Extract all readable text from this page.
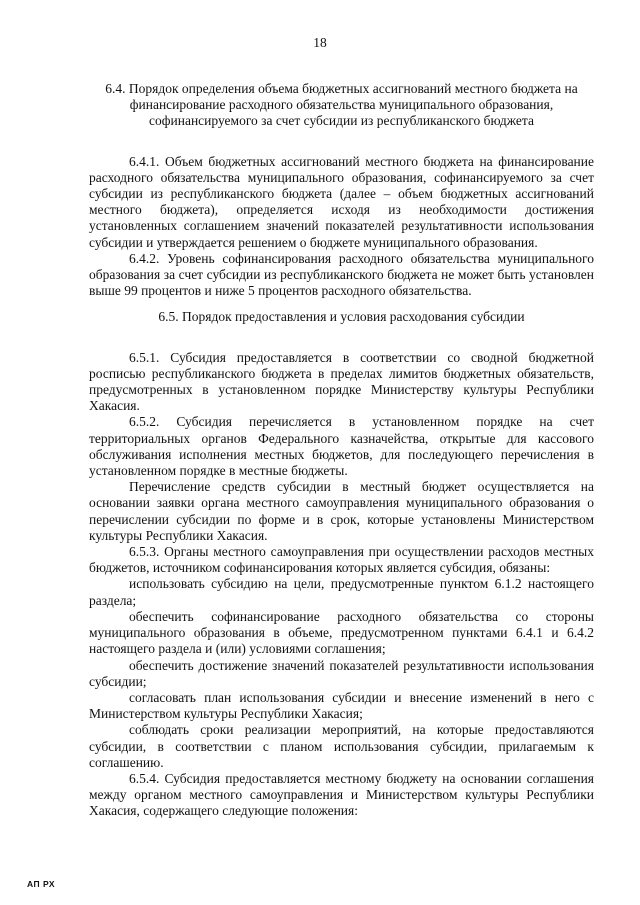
18

6.4. Порядок определения объема бюджетных ассигнований местного бюджета на финансирование расходного обязательства муниципального образования, софинансируемого за счет субсидии из республиканского бюджета

6.4.1. Объем бюджетных ассигнований местного бюджета на финансирование расходного обязательства муниципального образования, софинансируемого за счет субсидии из республиканского бюджета (далее – объем бюджетных ассигнований местного бюджета), определяется исходя из необходимости достижения установленных соглашением значений показателей результативности использования субсидии и утверждается решением о бюджете муниципального образования.

6.4.2. Уровень софинансирования расходного обязательства муниципального образования за счет субсидии из республиканского бюджета не может быть установлен выше 99 процентов и ниже 5 процентов расходного обязательства.

6.5. Порядок предоставления и условия расходования субсидии

6.5.1. Субсидия предоставляется в соответствии со сводной бюджетной росписью республиканского бюджета в пределах лимитов бюджетных обязательств, предусмотренных в установленном порядке Министерству культуры Республики Хакасия.

6.5.2. Субсидия перечисляется в установленном порядке на счет территориальных органов Федерального казначейства, открытые для кассового обслуживания исполнения местных бюджетов, для последующего перечисления в установленном порядке в местные бюджеты.

Перечисление средств субсидии в местный бюджет осуществляется на основании заявки органа местного самоуправления муниципального образования о перечислении субсидии по форме и в срок, которые установлены Министерством культуры Республики Хакасия.

6.5.3. Органы местного самоуправления при осуществлении расходов местных бюджетов, источником софинансирования которых является субсидия, обязаны:

использовать субсидию на цели, предусмотренные пунктом 6.1.2 настоящего раздела;

обеспечить софинансирование расходного обязательства со стороны муниципального образования в объеме, предусмотренном пунктами 6.4.1 и 6.4.2 настоящего раздела и (или) условиями соглашения;

обеспечить достижение значений показателей результативности использования субсидии;

согласовать план использования субсидии и внесение изменений в него с Министерством культуры Республики Хакасия;

соблюдать сроки реализации мероприятий, на которые предоставляются субсидии, в соответствии с планом использования субсидии, прилагаемым к соглашению.

6.5.4. Субсидия предоставляется местному бюджету на основании соглашения между органом местного самоуправления и Министерством культуры Республики Хакасия, содержащего следующие положения:

АП РХ
